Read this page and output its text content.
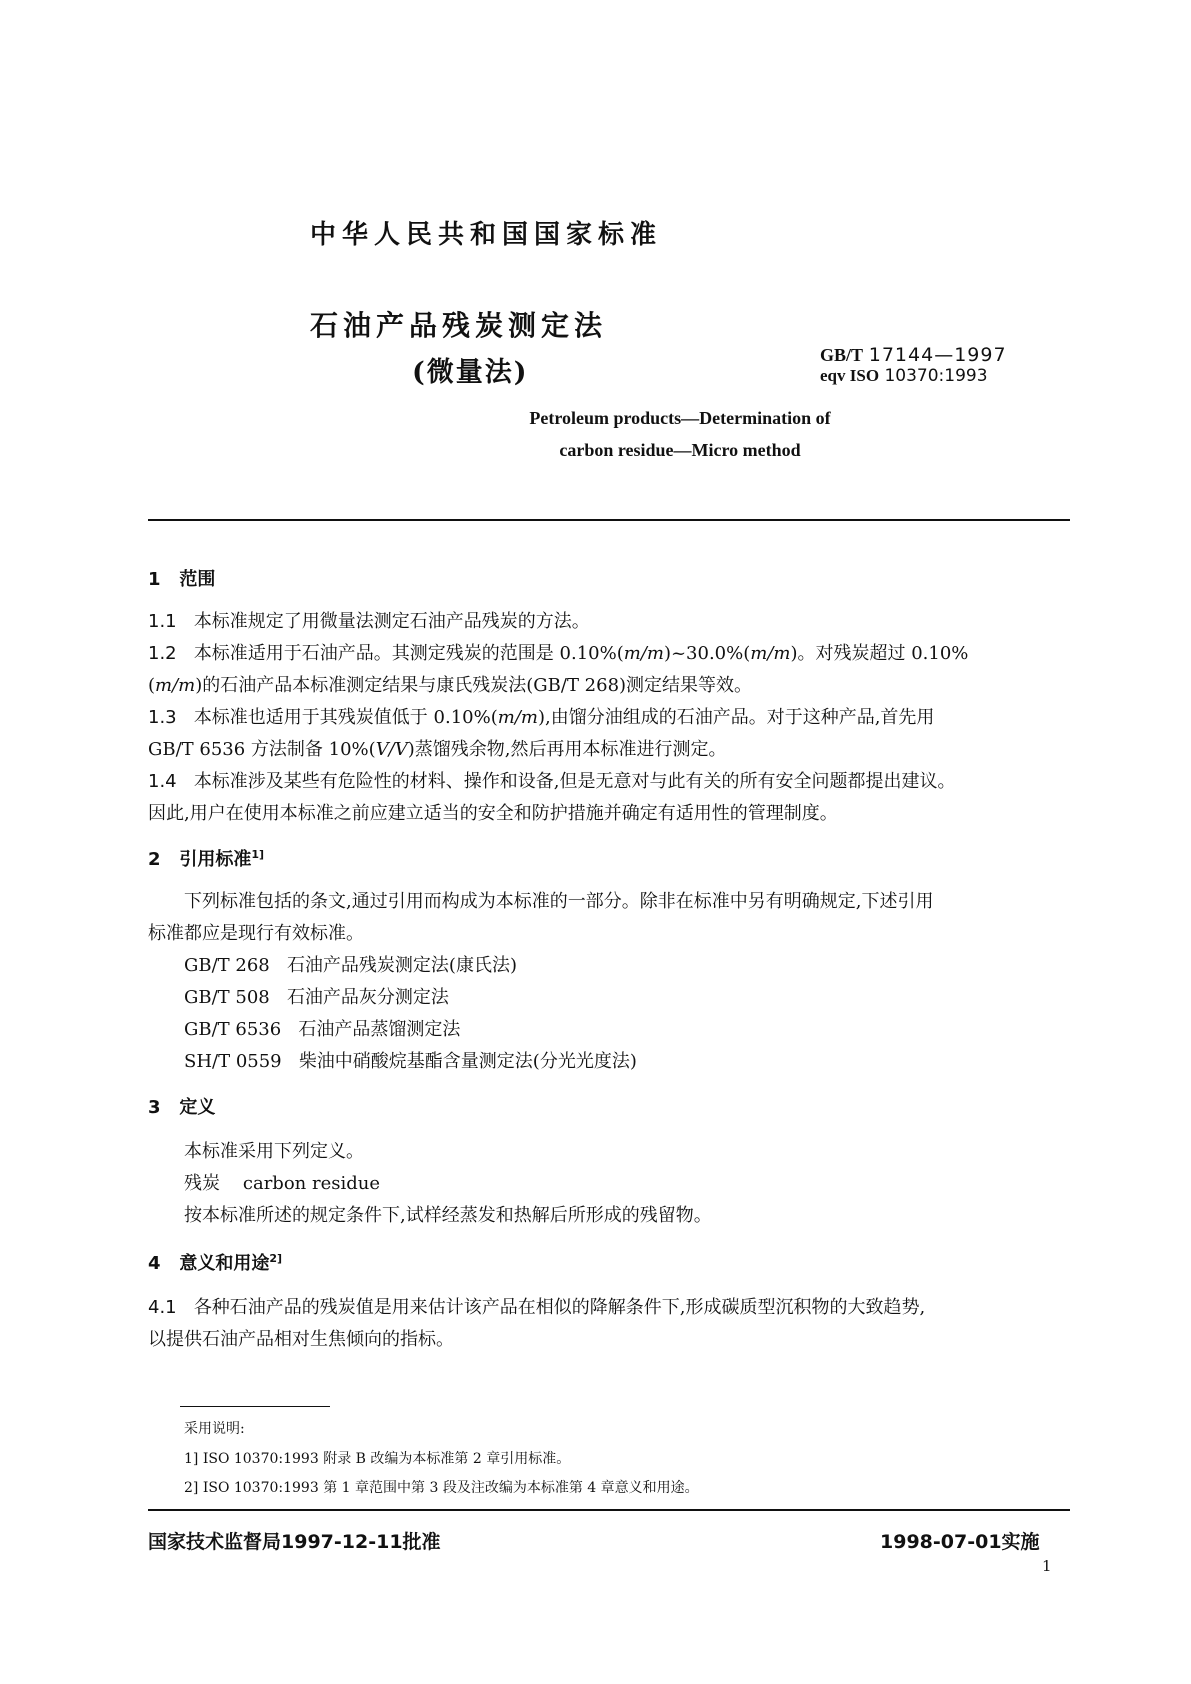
中华人民共和国国家标准
石油产品残炭测定法
(微量法)
GB/T 17144—1997
eqv ISO 10370:1993
Petroleum products—Determination of
carbon residue—Micro method
1 范围
1.1 本标准规定了用微量法测定石油产品残炭的方法。
1.2 本标准适用于石油产品。其测定残炭的范围是 0.10%(m/m)~30.0%(m/m)。对残炭超过 0.10%
(m/m)的石油产品本标准测定结果与康氏残炭法(GB/T 268)测定结果等效。
1.3 本标准也适用于其残炭值低于 0.10%(m/m),由馏分油组成的石油产品。对于这种产品,首先用
GB/T 6536 方法制备 10%(V/V)蒸馏残余物,然后再用本标准进行测定。
1.4 本标准涉及某些有危险性的材料、操作和设备,但是无意对与此有关的所有安全问题都提出建议。
因此,用户在使用本标准之前应建立适当的安全和防护措施并确定有适用性的管理制度。
2 引用标准$^{1]}$
下列标准包括的条文,通过引用而构成为本标准的一部分。除非在标准中另有明确规定,下述引用
标准都应是现行有效标准。
GB/T 268 石油产品残炭测定法(康氏法)
GB/T 508 石油产品灰分测定法
GB/T 6536 石油产品蒸馏测定法
SH/T 0559 柴油中硝酸烷基酯含量测定法(分光光度法)
3 定义
本标准采用下列定义。
残炭 carbon residue
按本标准所述的规定条件下,试样经蒸发和热解后所形成的残留物。
4 意义和用途$^{2]}$
4.1 各种石油产品的残炭值是用来估计该产品在相似的降解条件下,形成碳质型沉积物的大致趋势,
以提供石油产品相对生焦倾向的指标。
采用说明:
1] ISO 10370:1993 附录 B 改编为本标准第 2 章引用标准。
2] ISO 10370:1993 第 1 章范围中第 3 段及注改编为本标准第 4 章意义和用途。
国家技术监督局1997-12-11批准	1998-07-01实施
1
